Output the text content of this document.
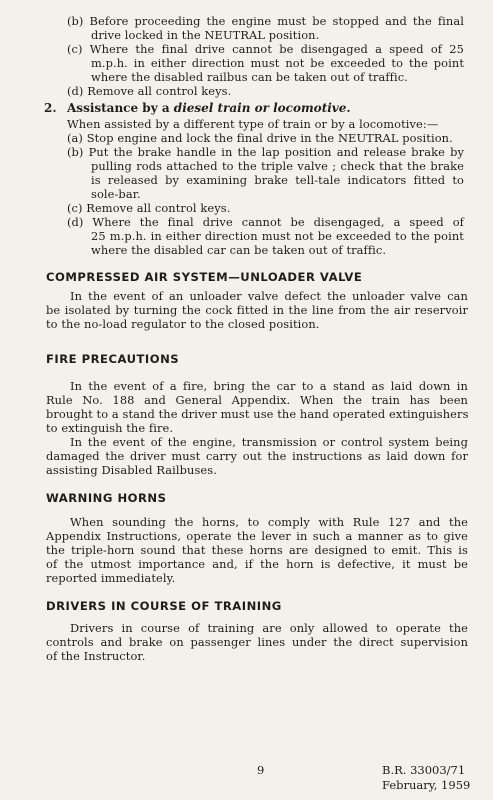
(b) Before proceeding the engine must be stopped and the final
drive locked in the NEUTRAL position.
(c) Where the final drive cannot be disengaged a speed of 25
m.p.h. in either direction must not be exceeded to the point
where the disabled railbus can be taken out of traffic.
(d) Remove all control keys.
2. Assistance by a diesel train or locomotive.
When assisted by a different type of train or by a locomotive:—
(a) Stop engine and lock the final drive in the NEUTRAL position.
(b) Put the brake handle in the lap position and release brake by
pulling rods attached to the triple valve ; check that the brake
is released by examining brake tell-tale indicators fitted to
sole-bar.
(c) Remove all control keys.
(d) Where the final drive cannot be disengaged, a speed of
25 m.p.h. in either direction must not be exceeded to the point
where the disabled car can be taken out of traffic.
COMPRESSED AIR SYSTEM—UNLOADER VALVE
In the event of an unloader valve defect the unloader valve can
be isolated by turning the cock fitted in the line from the air reservoir
to the no-load regulator to the closed position.
FIRE PRECAUTIONS
In the event of a fire, bring the car to a stand as laid down in
Rule No. 188 and General Appendix. When the train has been
brought to a stand the driver must use the hand operated extinguishers
to extinguish the fire.
In the event of the engine, transmission or control system being
damaged the driver must carry out the instructions as laid down for
assisting Disabled Railbuses.
WARNING HORNS
When sounding the horns, to comply with Rule 127 and the
Appendix Instructions, operate the lever in such a manner as to give
the triple-horn sound that these horns are designed to emit. This is
of the utmost importance and, if the horn is defective, it must be
reported immediately.
DRIVERS IN COURSE OF TRAINING
Drivers in course of training are only allowed to operate the
controls and brake on passenger lines under the direct supervision
of the Instructor.
9	B.R. 33003/71
February, 1959
